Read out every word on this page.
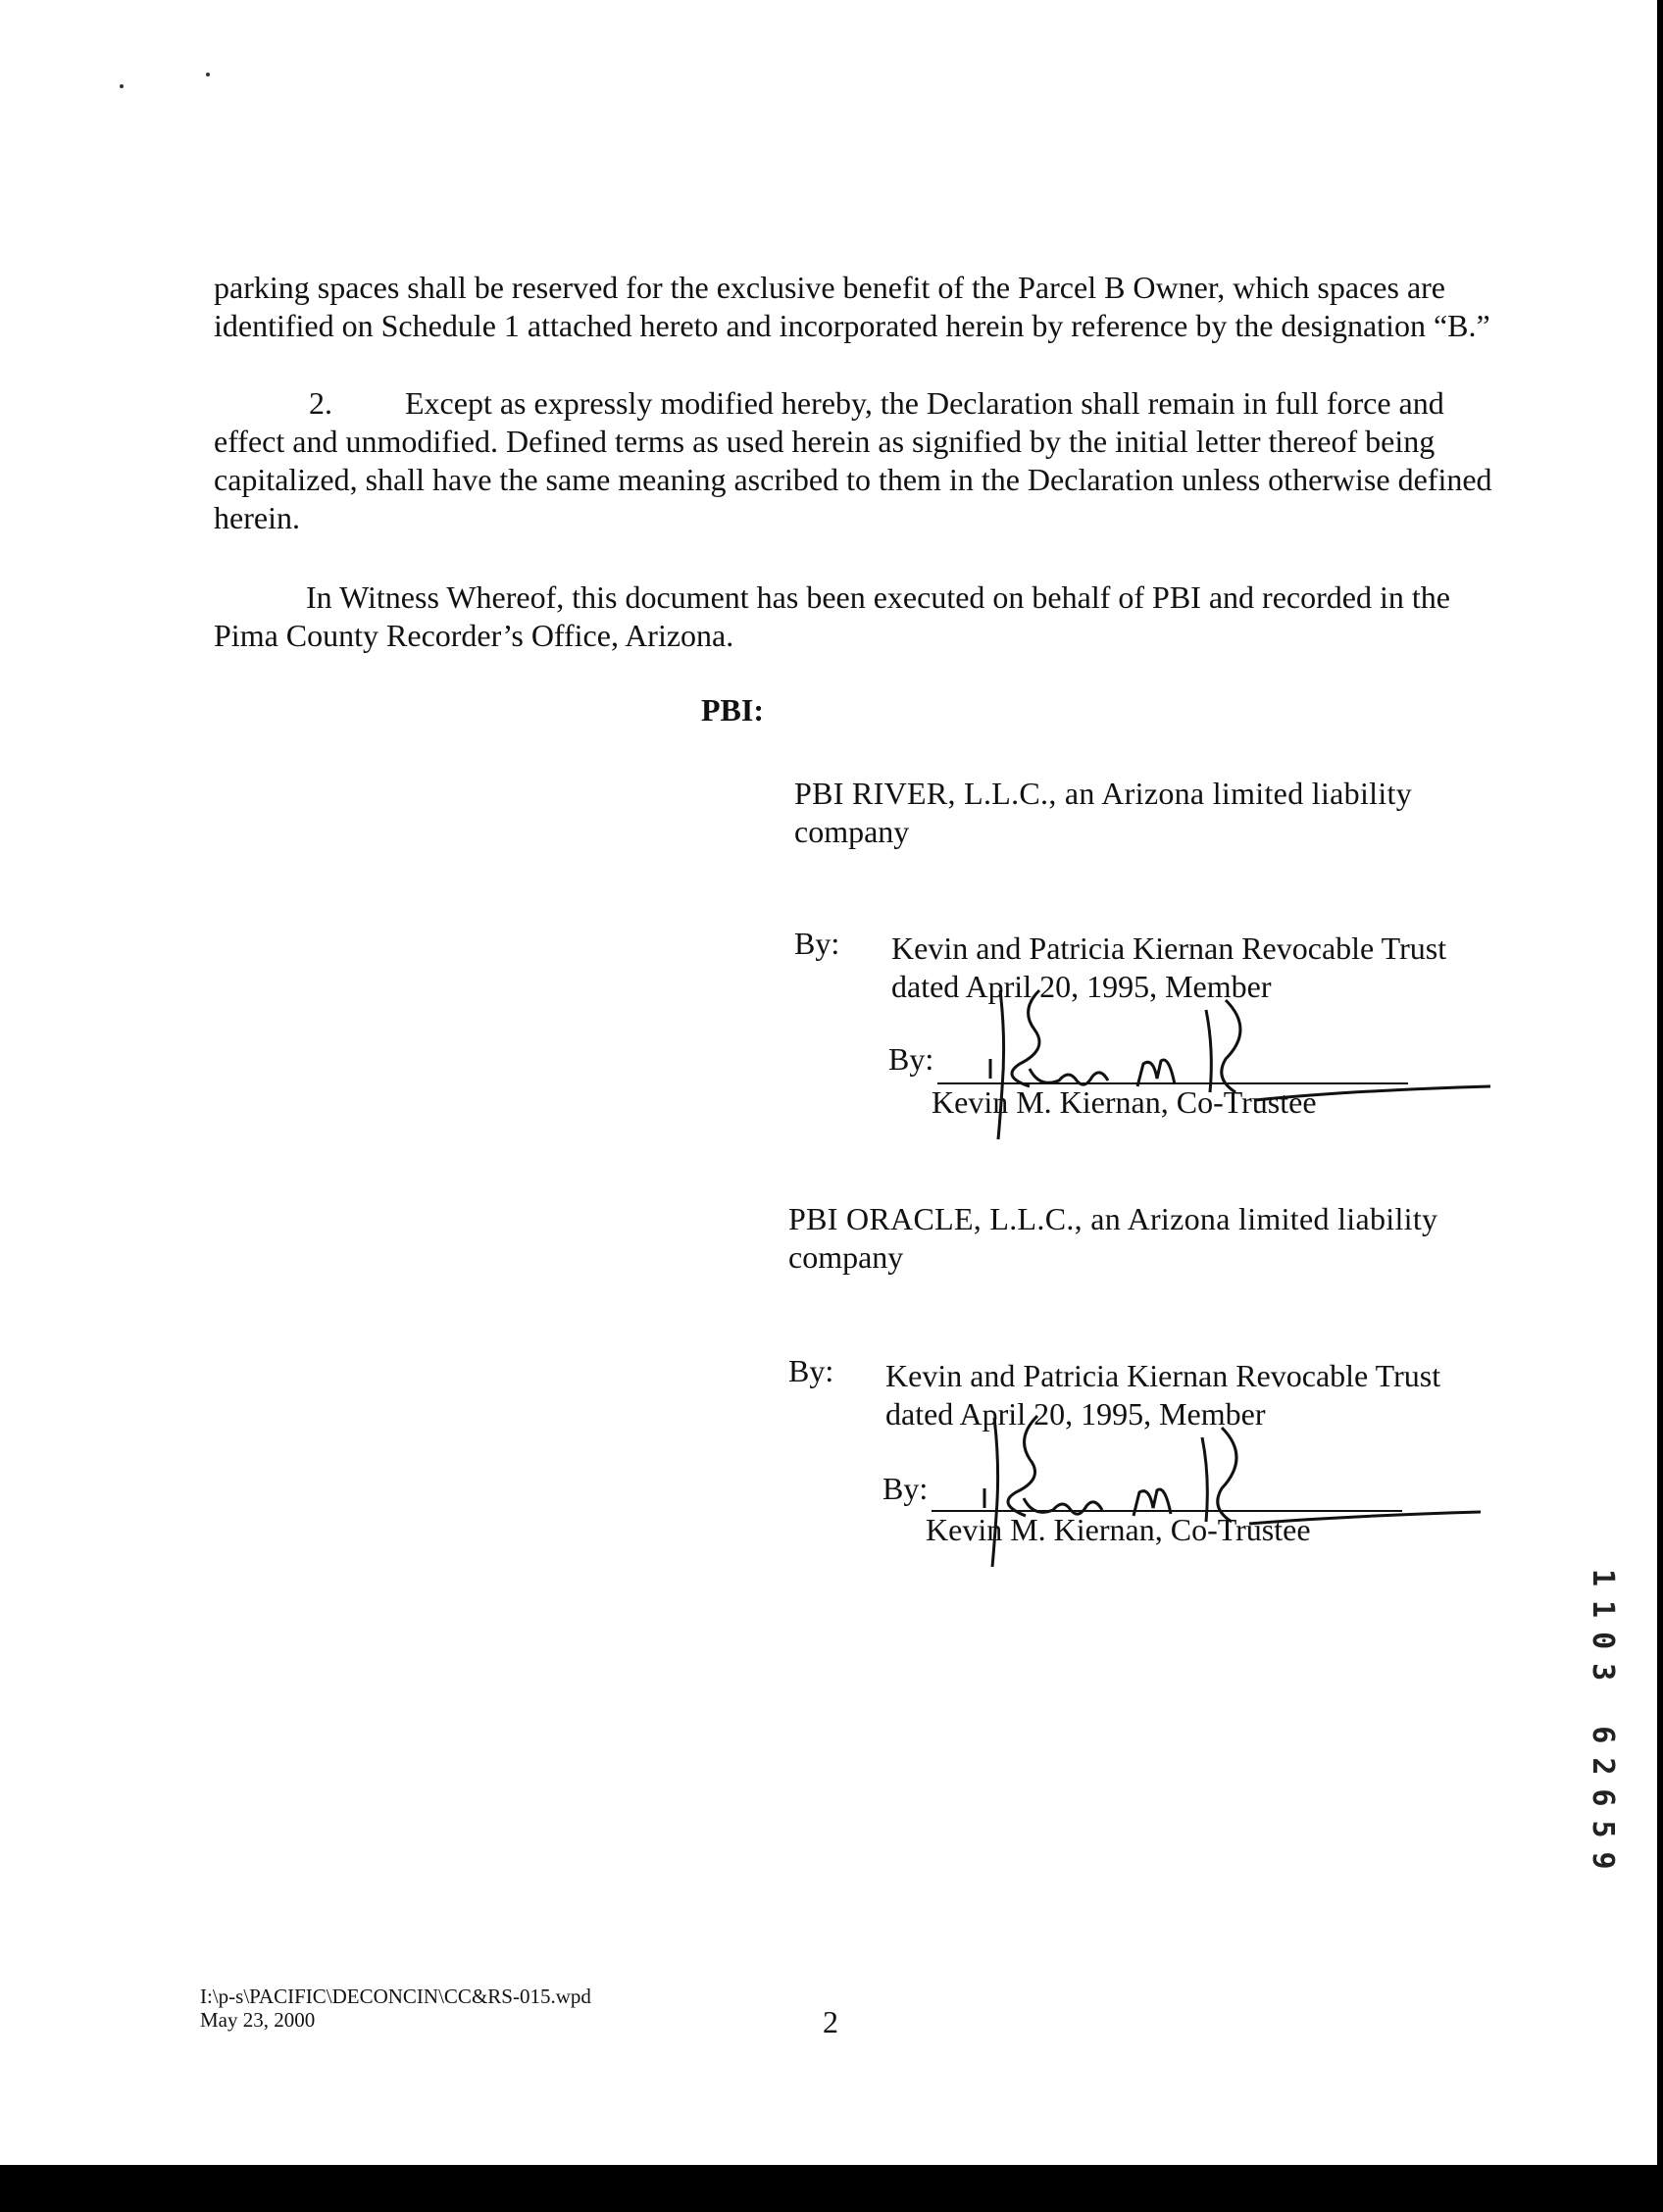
parking spaces shall be reserved for the exclusive benefit of the Parcel B Owner, which spaces are
identified on Schedule 1 attached hereto and incorporated herein by reference by the designation “B.”
2. Except as expressly modified hereby, the Declaration shall remain in full force and
effect and unmodified. Defined terms as used herein as signified by the initial letter thereof being
capitalized, shall have the same meaning ascribed to them in the Declaration unless otherwise defined
herein.
In Witness Whereof, this document has been executed on behalf of PBI and recorded in the
Pima County Recorder’s Office, Arizona.
PBI:
PBI RIVER, L.L.C., an Arizona limited liability
company
By: Kevin and Patricia Kiernan Revocable Trust
dated April 20, 1995, Member
By:
Kevin M. Kiernan, Co-Trustee
PBI ORACLE, L.L.C., an Arizona limited liability
company
By: Kevin and Patricia Kiernan Revocable Trust
dated April 20, 1995, Member
By:
Kevin M. Kiernan, Co-Trustee
1103 62659
I:\p-s\PACIFIC\DECONCIN\CC&RS-015.wpd
May 23, 2000	2
